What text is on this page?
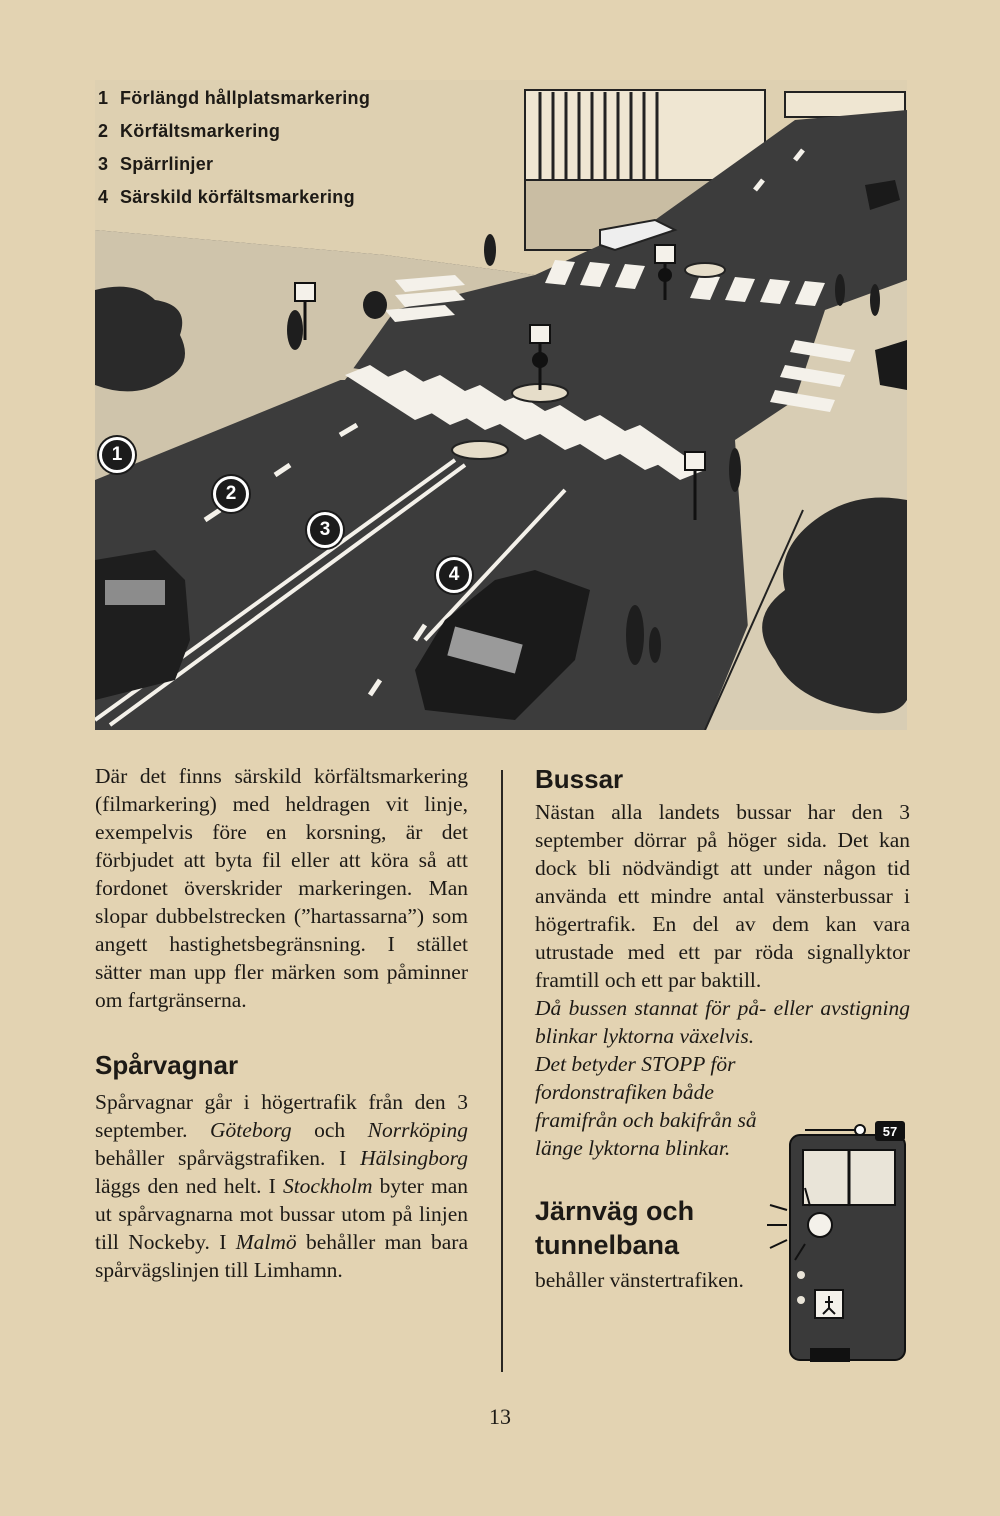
1 Förlängd hållplatsmarkering
2 Körfältsmarkering
3 Spärrlinjer
4 Särskild körfältsmarkering
1
2
3
4

Där det finns särskild körfältsmarkering (filmarkering) med heldragen vit linje, exempelvis före en korsning, är det förbjudet att byta fil eller att köra så att fordonet överskrider markeringen. Man slopar dubbelstrecken (”hartassarna”) som angett hastighetsbegränsning. I stället sätter man upp fler märken som påminner om fartgränserna.

Spårvagnar

Spårvagnar går i högertrafik från den 3 september. Göteborg och Norrköping behåller spårvägstrafiken. I Hälsingborg läggs den ned helt. I Stockholm byter man ut spårvagnarna mot bussar utom på linjen till Nockeby. I Malmö behåller man bara spårvägslinjen till Limhamn.

Bussar

Nästan alla landets bussar har den 3 september dörrar på höger sida. Det kan dock bli nödvändigt att under någon tid använda ett mindre antal vänsterbussar i högertrafik. En del av dem kan vara utrustade med ett par röda signallyktor framtill och ett par baktill.

Då bussen stannat för på- eller avstigning blinkar lyktorna växelvis.

Det betyder STOPP för fordonstrafiken både framifrån och bakifrån så länge lyktorna blinkar.

Järnväg och tunnelbana

behåller vänstertrafiken.

57
13
